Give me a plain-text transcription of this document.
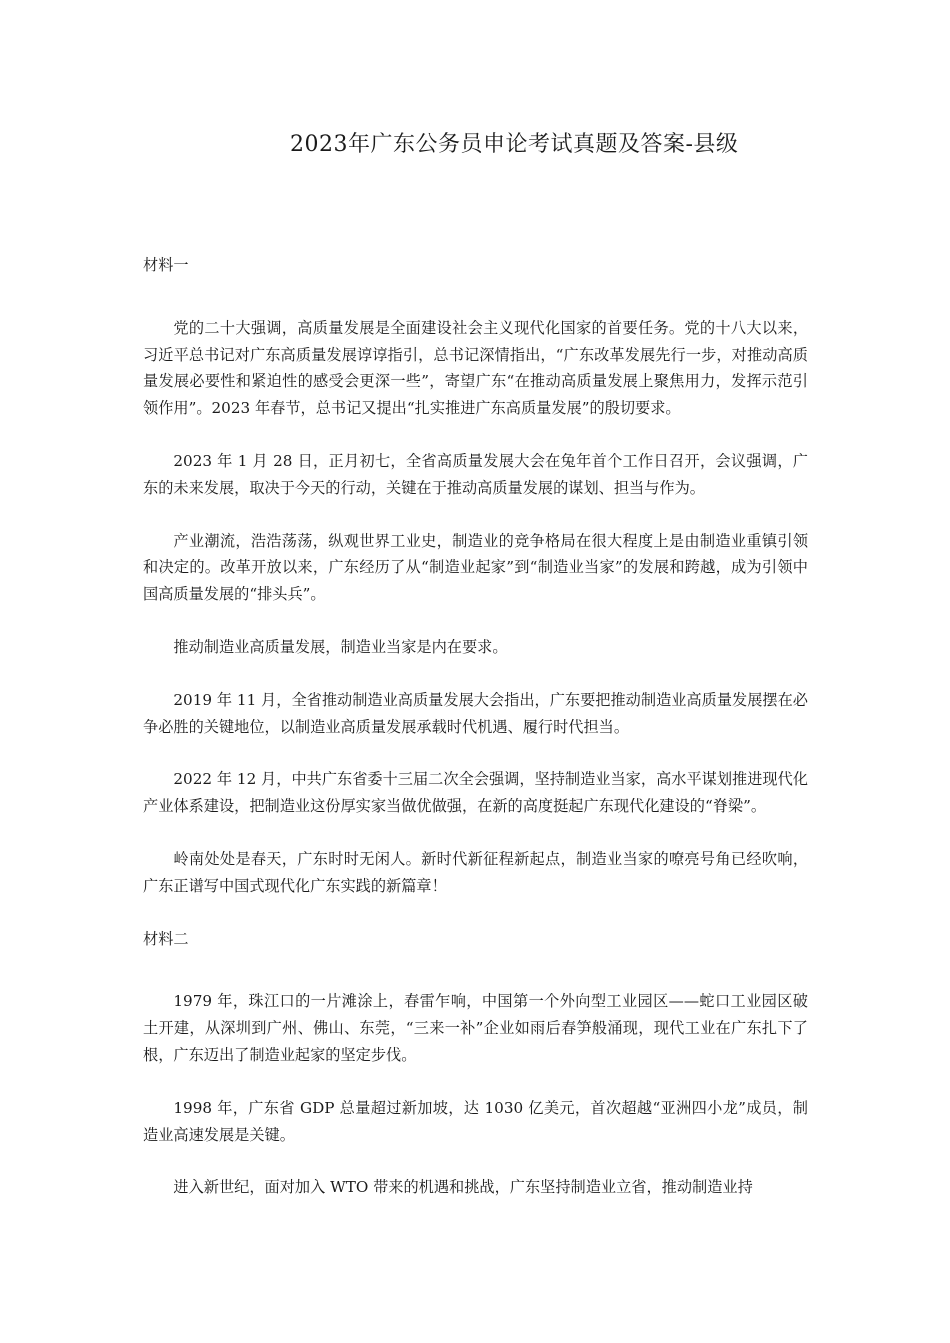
2023年广东公务员申论考试真题及答案-县级

材料一

党的二十大强调，高质量发展是全面建设社会主义现代化国家的首要任务。党的十八大以来，习近平总书记对广东高质量发展谆谆指引，总书记深情指出，“广东改革发展先行一步，对推动高质量发展必要性和紧迫性的感受会更深一些”，寄望广东“在推动高质量发展上聚焦用力，发挥示范引领作用”。2023 年春节，总书记又提出“扎实推进广东高质量发展”的殷切要求。

2023 年 1 月 28 日，正月初七，全省高质量发展大会在兔年首个工作日召开，会议强调，广东的未来发展，取决于今天的行动，关键在于推动高质量发展的谋划、担当与作为。

产业潮流，浩浩荡荡，纵观世界工业史，制造业的竞争格局在很大程度上是由制造业重镇引领和决定的。改革开放以来，广东经历了从“制造业起家”到“制造业当家”的发展和跨越，成为引领中国高质量发展的“排头兵”。

推动制造业高质量发展，制造业当家是内在要求。

2019 年 11 月，全省推动制造业高质量发展大会指出，广东要把推动制造业高质量发展摆在必争必胜的关键地位，以制造业高质量发展承载时代机遇、履行时代担当。

2022 年 12 月，中共广东省委十三届二次全会强调，坚持制造业当家，高水平谋划推进现代化产业体系建设，把制造业这份厚实家当做优做强，在新的高度挺起广东现代化建设的“脊梁”。

岭南处处是春天，广东时时无闲人。新时代新征程新起点，制造业当家的嘹亮号角已经吹响，广东正谱写中国式现代化广东实践的新篇章！

材料二

1979 年，珠江口的一片滩涂上，春雷乍响，中国第一个外向型工业园区——蛇口工业园区破土开建，从深圳到广州、佛山、东莞，“三来一补”企业如雨后春笋般涌现，现代工业在广东扎下了根，广东迈出了制造业起家的坚定步伐。

1998 年，广东省 GDP 总量超过新加坡，达 1030 亿美元，首次超越“亚洲四小龙”成员，制造业高速发展是关键。

进入新世纪，面对加入 WTO 带来的机遇和挑战，广东坚持制造业立省，推动制造业持
